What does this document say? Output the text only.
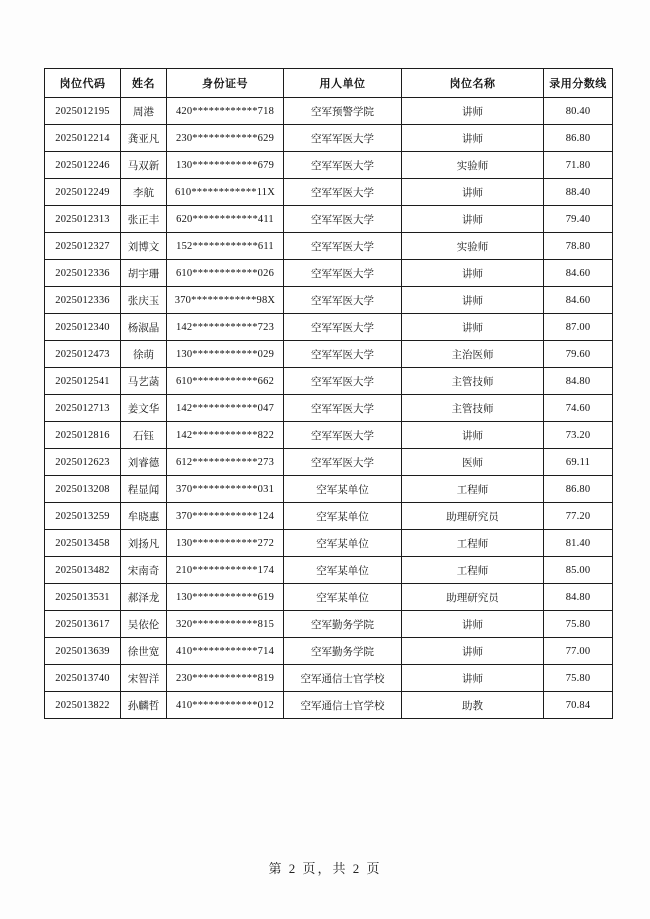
岗位代码	姓名	身份证号	用人单位	岗位名称	录用分数线
2025012195	周港	420************718	空军预警学院	讲师	80.40
2025012214	龚亚凡	230************629	空军军医大学	讲师	86.80
2025012246	马双新	130************679	空军军医大学	实验师	71.80
2025012249	李航	610************11X	空军军医大学	讲师	88.40
2025012313	张正丰	620************411	空军军医大学	讲师	79.40
2025012327	刘博文	152************611	空军军医大学	实验师	78.80
2025012336	胡宇珊	610************026	空军军医大学	讲师	84.60
2025012336	张庆玉	370************98X	空军军医大学	讲师	84.60
2025012340	杨淑晶	142************723	空军军医大学	讲师	87.00
2025012473	徐萌	130************029	空军军医大学	主治医师	79.60
2025012541	马艺菡	610************662	空军军医大学	主管技师	84.80
2025012713	姜文华	142************047	空军军医大学	主管技师	74.60
2025012816	石钰	142************822	空军军医大学	讲师	73.20
2025012623	刘睿德	612************273	空军军医大学	医师	69.11
2025013208	程显闻	370************031	空军某单位	工程师	86.80
2025013259	牟晓惠	370************124	空军某单位	助理研究员	77.20
2025013458	刘扬凡	130************272	空军某单位	工程师	81.40
2025013482	宋南奇	210************174	空军某单位	工程师	85.00
2025013531	郝泽龙	130************619	空军某单位	助理研究员	84.80
2025013617	吴依伦	320************815	空军勤务学院	讲师	75.80
2025013639	徐世宽	410************714	空军勤务学院	讲师	77.00
2025013740	宋智洋	230************819	空军通信士官学校	讲师	75.80
2025013822	孙麟哲	410************012	空军通信士官学校	助教	70.84
第 2 页，共 2 页
